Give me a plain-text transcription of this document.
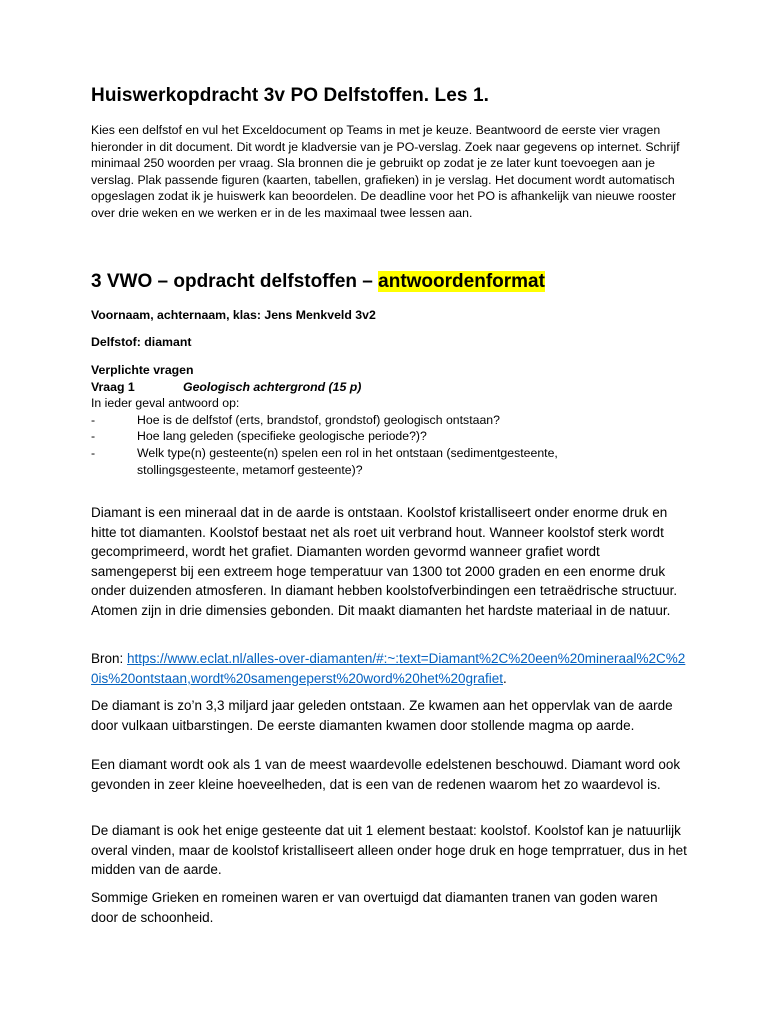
Huiswerkopdracht 3v PO Delfstoffen. Les 1.
Kies een delfstof en vul het Exceldocument op Teams in met je keuze. Beantwoord de eerste vier vragen hieronder in dit document. Dit wordt je kladversie van je PO-verslag. Zoek naar gegevens op internet. Schrijf minimaal 250 woorden per vraag. Sla bronnen die je gebruikt op zodat je ze later kunt toevoegen aan je verslag. Plak passende figuren (kaarten, tabellen, grafieken) in je verslag. Het document wordt automatisch opgeslagen zodat ik je huiswerk kan beoordelen. De deadline voor het PO is afhankelijk van nieuwe rooster over drie weken en we werken er in de les maximaal twee lessen aan.
3 VWO – opdracht delfstoffen – antwoordenformat
Voornaam, achternaam, klas: Jens Menkveld 3v2
Delfstof: diamant
Verplichte vragen
Vraag 1	Geologisch achtergrond (15 p)
In ieder geval antwoord op:
-	Hoe is de delfstof (erts, brandstof, grondstof) geologisch ontstaan?
-	Hoe lang geleden (specifieke geologische periode?)?
-	Welk type(n) gesteente(n) spelen een rol in het ontstaan (sedimentgesteente, stollingsgesteente, metamorf gesteente)?
Diamant is een mineraal dat in de aarde is ontstaan. Koolstof kristalliseert onder enorme druk en hitte tot diamanten. Koolstof bestaat net als roet uit verbrand hout. Wanneer koolstof sterk wordt gecomprimeerd, wordt het grafiet. Diamanten worden gevormd wanneer grafiet wordt samengeperst bij een extreem hoge temperatuur van 1300 tot 2000 graden en een enorme druk onder duizenden atmosferen. In diamant hebben koolstofverbindingen een tetraëdrische structuur. Atomen zijn in drie dimensies gebonden. Dit maakt diamanten het hardste materiaal in de natuur.
Bron: https://www.eclat.nl/alles-over-diamanten/#:~:text=Diamant%2C%20een%20mineraal%2C%20is%20ontstaan,wordt%20samengeperst%20word%20het%20grafiet.
De diamant is zo’n 3,3 miljard jaar geleden ontstaan. Ze kwamen aan het oppervlak van de aarde door vulkaan uitbarstingen. De eerste diamanten kwamen door stollende magma op aarde.
Een diamant wordt ook als 1 van de meest waardevolle edelstenen beschouwd. Diamant word ook gevonden in zeer kleine hoeveelheden, dat is een van de redenen waarom het zo waardevol is.
De diamant is ook het enige gesteente dat uit 1 element bestaat: koolstof. Koolstof kan je natuurlijk overal vinden, maar de koolstof kristalliseert alleen onder hoge druk en hoge temprratuer, dus in het midden van de aarde.
Sommige Grieken en romeinen waren er van overtuigd dat diamanten tranen van goden waren door de schoonheid.
